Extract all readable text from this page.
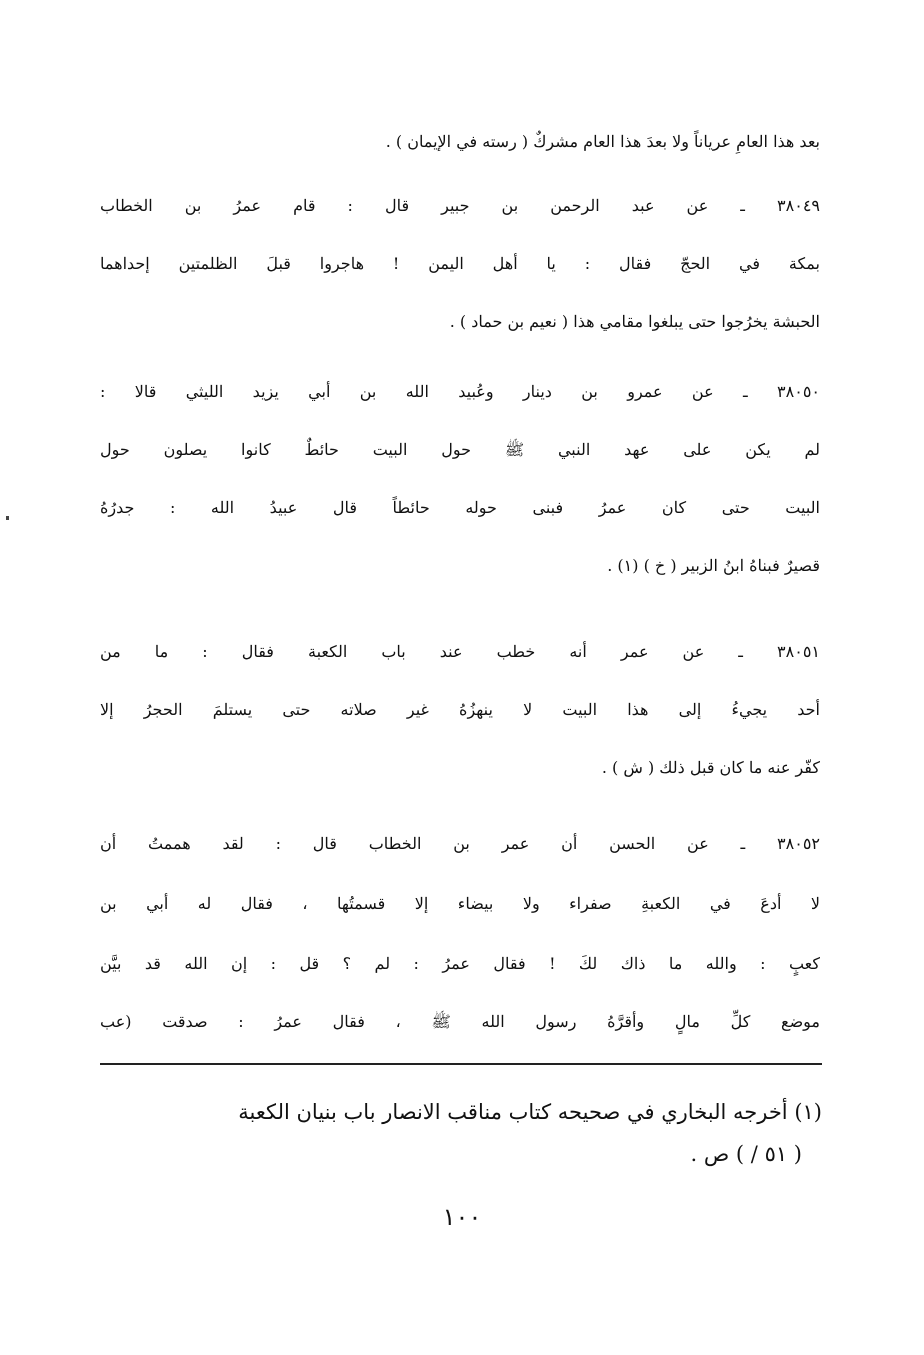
بعد هذا العامِ عرياناً ولا بعدَ هذا العام مشركٌ ( رسته في الإيمان ) .
٣٨٠٤٩ ـ عن عبد الرحمن بن جبير قال : قام عمرُ بن الخطاب
بمكة في الحجّ فقال : يا أهل اليمن ! هاجروا قبلَ الظلمتين إحداهما
الحبشة يخرُجوا حتى يبلغوا مقامي هذا ( نعيم بن حماد ) .
٣٨٠٥٠ ـ عن عمرو بن دينار وعُبيد الله بن أبي يزيد الليثي قالا :
لم يكن على عهد النبي ﷺ حول البيت حائطٌ كانوا يصلون حول
البيت حتى كان عمرُ فبنى حوله حائطاً قال عبيدُ الله : جدرُهُ
قصيرٌ فبناهُ ابنُ الزبير ( خ ) (١) .
٣٨٠٥١ ـ عن عمر أنه خطب عند باب الكعبة فقال : ما من
أحد يجيءُ إلى هذا البيت لا ينهزُهُ غير صلاته حتى يستلمَ الحجرُ إلا
كفّر عنه ما كان قبل ذلك ( ش ) .
٣٨٠٥٢ ـ عن الحسن أن عمر بن الخطاب قال : لقد هممتُ أن
لا أدعَ في الكعبةِ صفراء ولا بيضاء إلا قسمتُها ، فقال له أبي بن
كعبٍ : والله ما ذاك لكَ ! فقال عمرُ : لم ؟ قل : إن الله قد بيَّن
موضع كلِّ مالٍ وأقرَّهُ رسول الله ﷺ ، فقال عمرُ : صدقت (عب
(١) أخرجه البخاري في صحيحه كتاب مناقب الانصار باب بنيان الكعبة
( ٥١ / ) ص .
١٠٠
